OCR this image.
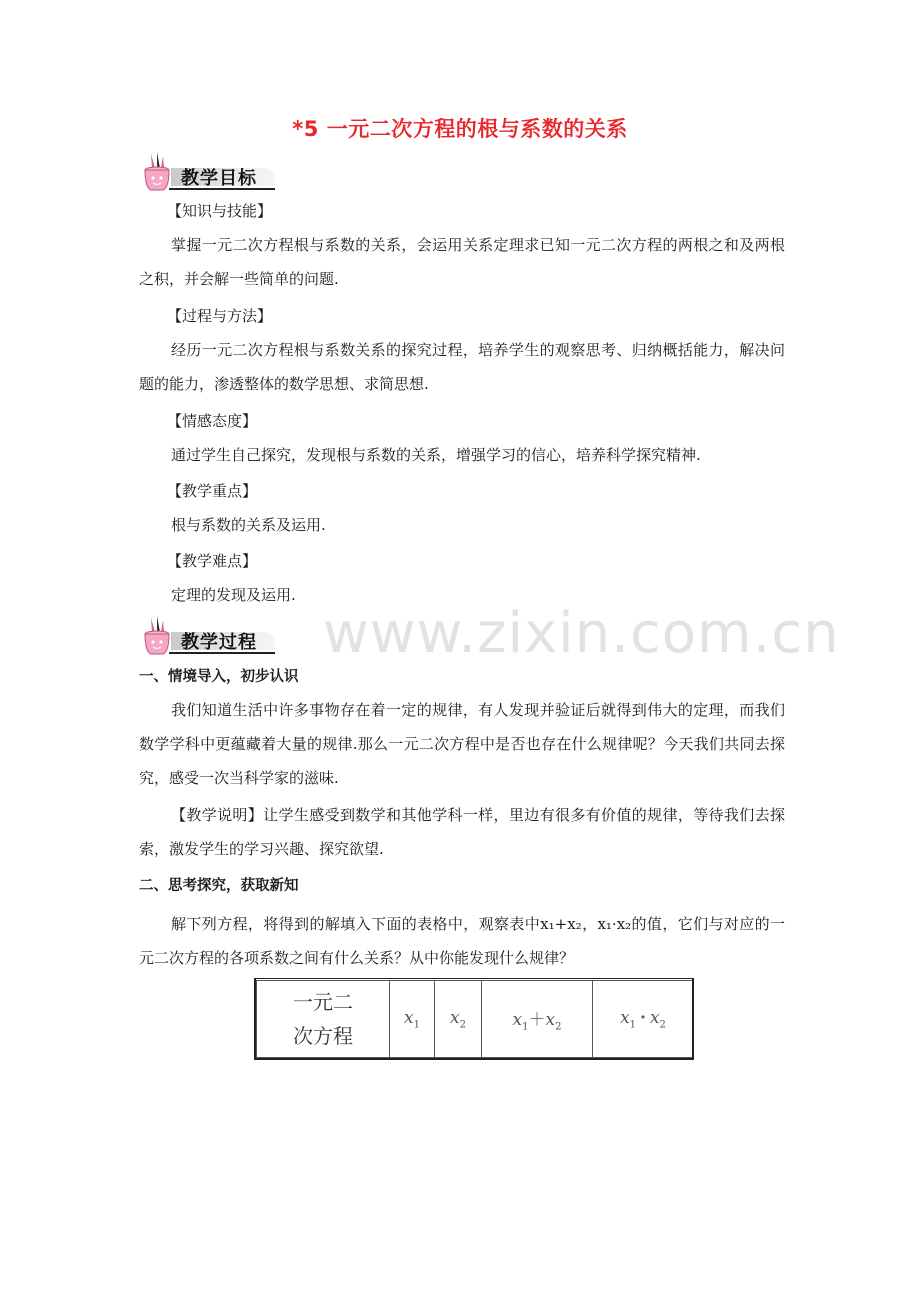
*5 一元二次方程的根与系数的关系
教学目标
【知识与技能】
掌握一元二次方程根与系数的关系，会运用关系定理求已知一元二次方程的两根之和及两根之积，并会解一些简单的问题.
【过程与方法】
经历一元二次方程根与系数关系的探究过程，培养学生的观察思考、归纳概括能力，解决问题的能力，渗透整体的数学思想、求简思想.
【情感态度】
通过学生自己探究，发现根与系数的关系，增强学习的信心，培养科学探究精神.
【教学重点】
根与系数的关系及运用.
【教学难点】
定理的发现及运用.
www.zixin.com.cn
教学过程
一、情境导入，初步认识
我们知道生活中许多事物存在着一定的规律，有人发现并验证后就得到伟大的定理，而我们数学学科中更蕴藏着大量的规律.那么一元二次方程中是否也存在什么规律呢？今天我们共同去探究，感受一次当科学家的滋味.
【教学说明】让学生感受到数学和其他学科一样，里边有很多有价值的规律，等待我们去探索，激发学生的学习兴趣、探究欲望.
二、思考探究，获取新知
解下列方程，将得到的解填入下面的表格中，观察表中x₁+x₂，x₁·x₂的值，它们与对应的一元二次方程的各项系数之间有什么关系？从中你能发现什么规律？
一元二
次方程
	$x_1$	$x_2$	$x_1+x_2$	$x_1 \cdot x_2$
